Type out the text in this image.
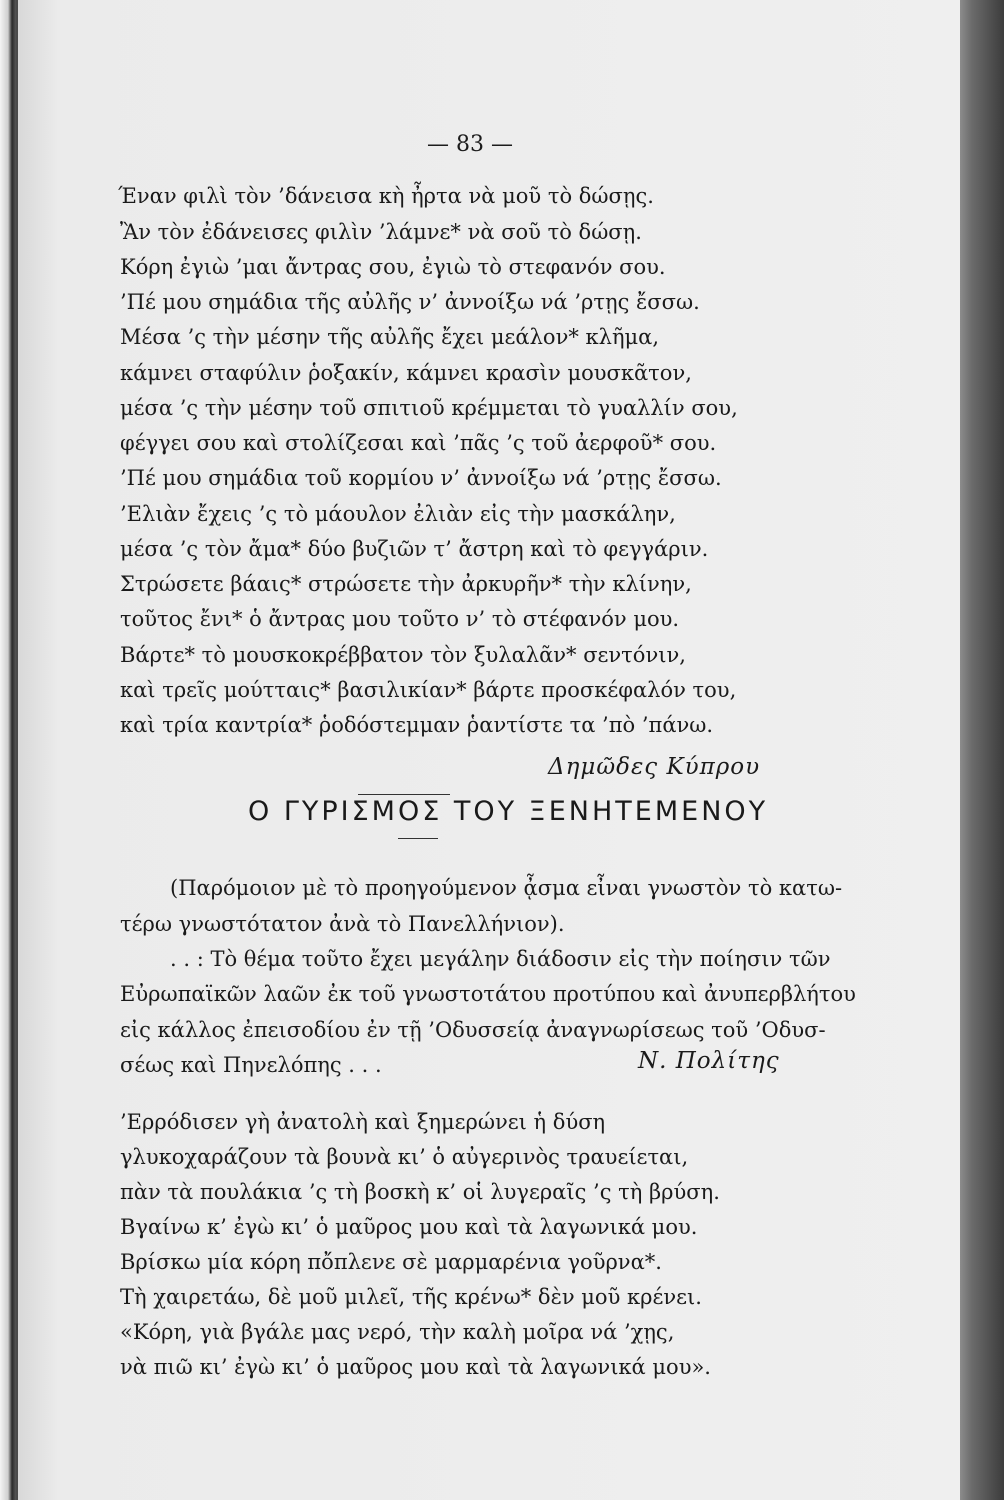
— 83 —
Έναν φιλὶ τὸν ’δάνεισα κὴ ἦρτα νὰ μοῦ τὸ δώσῃς.
Ἂν τὸν ἐδάνεισες φιλὶν ’λάμνε* νὰ σοῦ τὸ δώσῃ.
Κόρη ἐγιὼ ’μαι ἄντρας σου, ἐγιὼ τὸ στεφανόν σου.
’Πέ μου σημάδια τῆς αὐλῆς ν’ ἀννοίξω νά ’ρτῃς ἔσσω.
Μέσα ’ς τὴν μέσην τῆς αὐλῆς ἔχει μεάλον* κλῆμα,
κάμνει σταφύλιν ῥοξακίν, κάμνει κρασὶν μουσκᾶτον,
μέσα ’ς τὴν μέσην τοῦ σπιτιοῦ κρέμμεται τὸ γυαλλίν σου,
φέγγει σου καὶ στολίζεσαι καὶ ’πᾶς ’ς τοῦ ἀερφοῦ* σου.
’Πέ μου σημάδια τοῦ κορμίου ν’ ἀννοίξω νά ’ρτῃς ἔσσω.
’Ελιὰν ἔχεις ’ς τὸ μάουλον ἐλιὰν εἰς τὴν μασκάλην,
μέσα ’ς τὸν ἄμα* δύο βυζιῶν τ’ ἄστρη καὶ τὸ φεγγάριν.
Στρώσετε βάαις* στρώσετε τὴν ἀρκυρῆν* τὴν κλίνην,
τοῦτος ἔνι* ὁ ἄντρας μου τοῦτο ν’ τὸ στέφανόν μου.
Βάρτε* τὸ μουσκοκρέββατον τὸν ξυλαλᾶν* σεντόνιν,
καὶ τρεῖς μούτταις* βασιλικίαν* βάρτε προσκέφαλόν του,
καὶ τρία καντρία* ῥοδόστεμμαν ῥαντίστε τα ’πὸ ’πάνω.
Δημῶδες Κύπρου
Ο ΓΥΡΙΣΜΟΣ ΤΟΥ ΞΕΝΗΤΕΜΕΝΟΥ
(Παρόμοιον μὲ τὸ προηγούμενον ᾆσμα εἶναι γνωστὸν τὸ κατω-
τέρω γνωστότατον ἀνὰ τὸ Πανελλήνιον).
. . : Τὸ θέμα τοῦτο ἔχει μεγάλην διάδοσιν εἰς τὴν ποίησιν τῶν
Εὐρωπαϊκῶν λαῶν ἐκ τοῦ γνωστοτάτου προτύπου καὶ ἀνυπερβλήτου
εἰς κάλλος ἐπεισοδίου ἐν τῇ ’Οδυσσείᾳ ἀναγνωρίσεως τοῦ ’Οδυσ-
σέως καὶ Πηνελόπης . . .	Ν. Πολίτης
’Ερρόδισεν γὴ ἀνατολὴ καὶ ξημερώνει ἡ δύση
γλυκοχαράζουν τὰ βουνὰ κι’ ὁ αὐγερινὸς τραυείεται,
πὰν τὰ πουλάκια ’ς τὴ βοσκὴ κ’ οἱ λυγεραῖς ’ς τὴ βρύση.
Βγαίνω κ’ ἐγὼ κι’ ὁ μαῦρος μου καὶ τὰ λαγωνικά μου.
Βρίσκω μία κόρη πὄπλενε σὲ μαρμαρένια γοῦρνα*.
Τὴ χαιρετάω, δὲ μοῦ μιλεῖ, τῆς κρένω* δὲν μοῦ κρένει.
«Κόρη, γιὰ βγάλε μας νερό, τὴν καλὴ μοῖρα νά ’χῃς,
νὰ πιῶ κι’ ἐγὼ κι’ ὁ μαῦρος μου καὶ τὰ λαγωνικά μου».
